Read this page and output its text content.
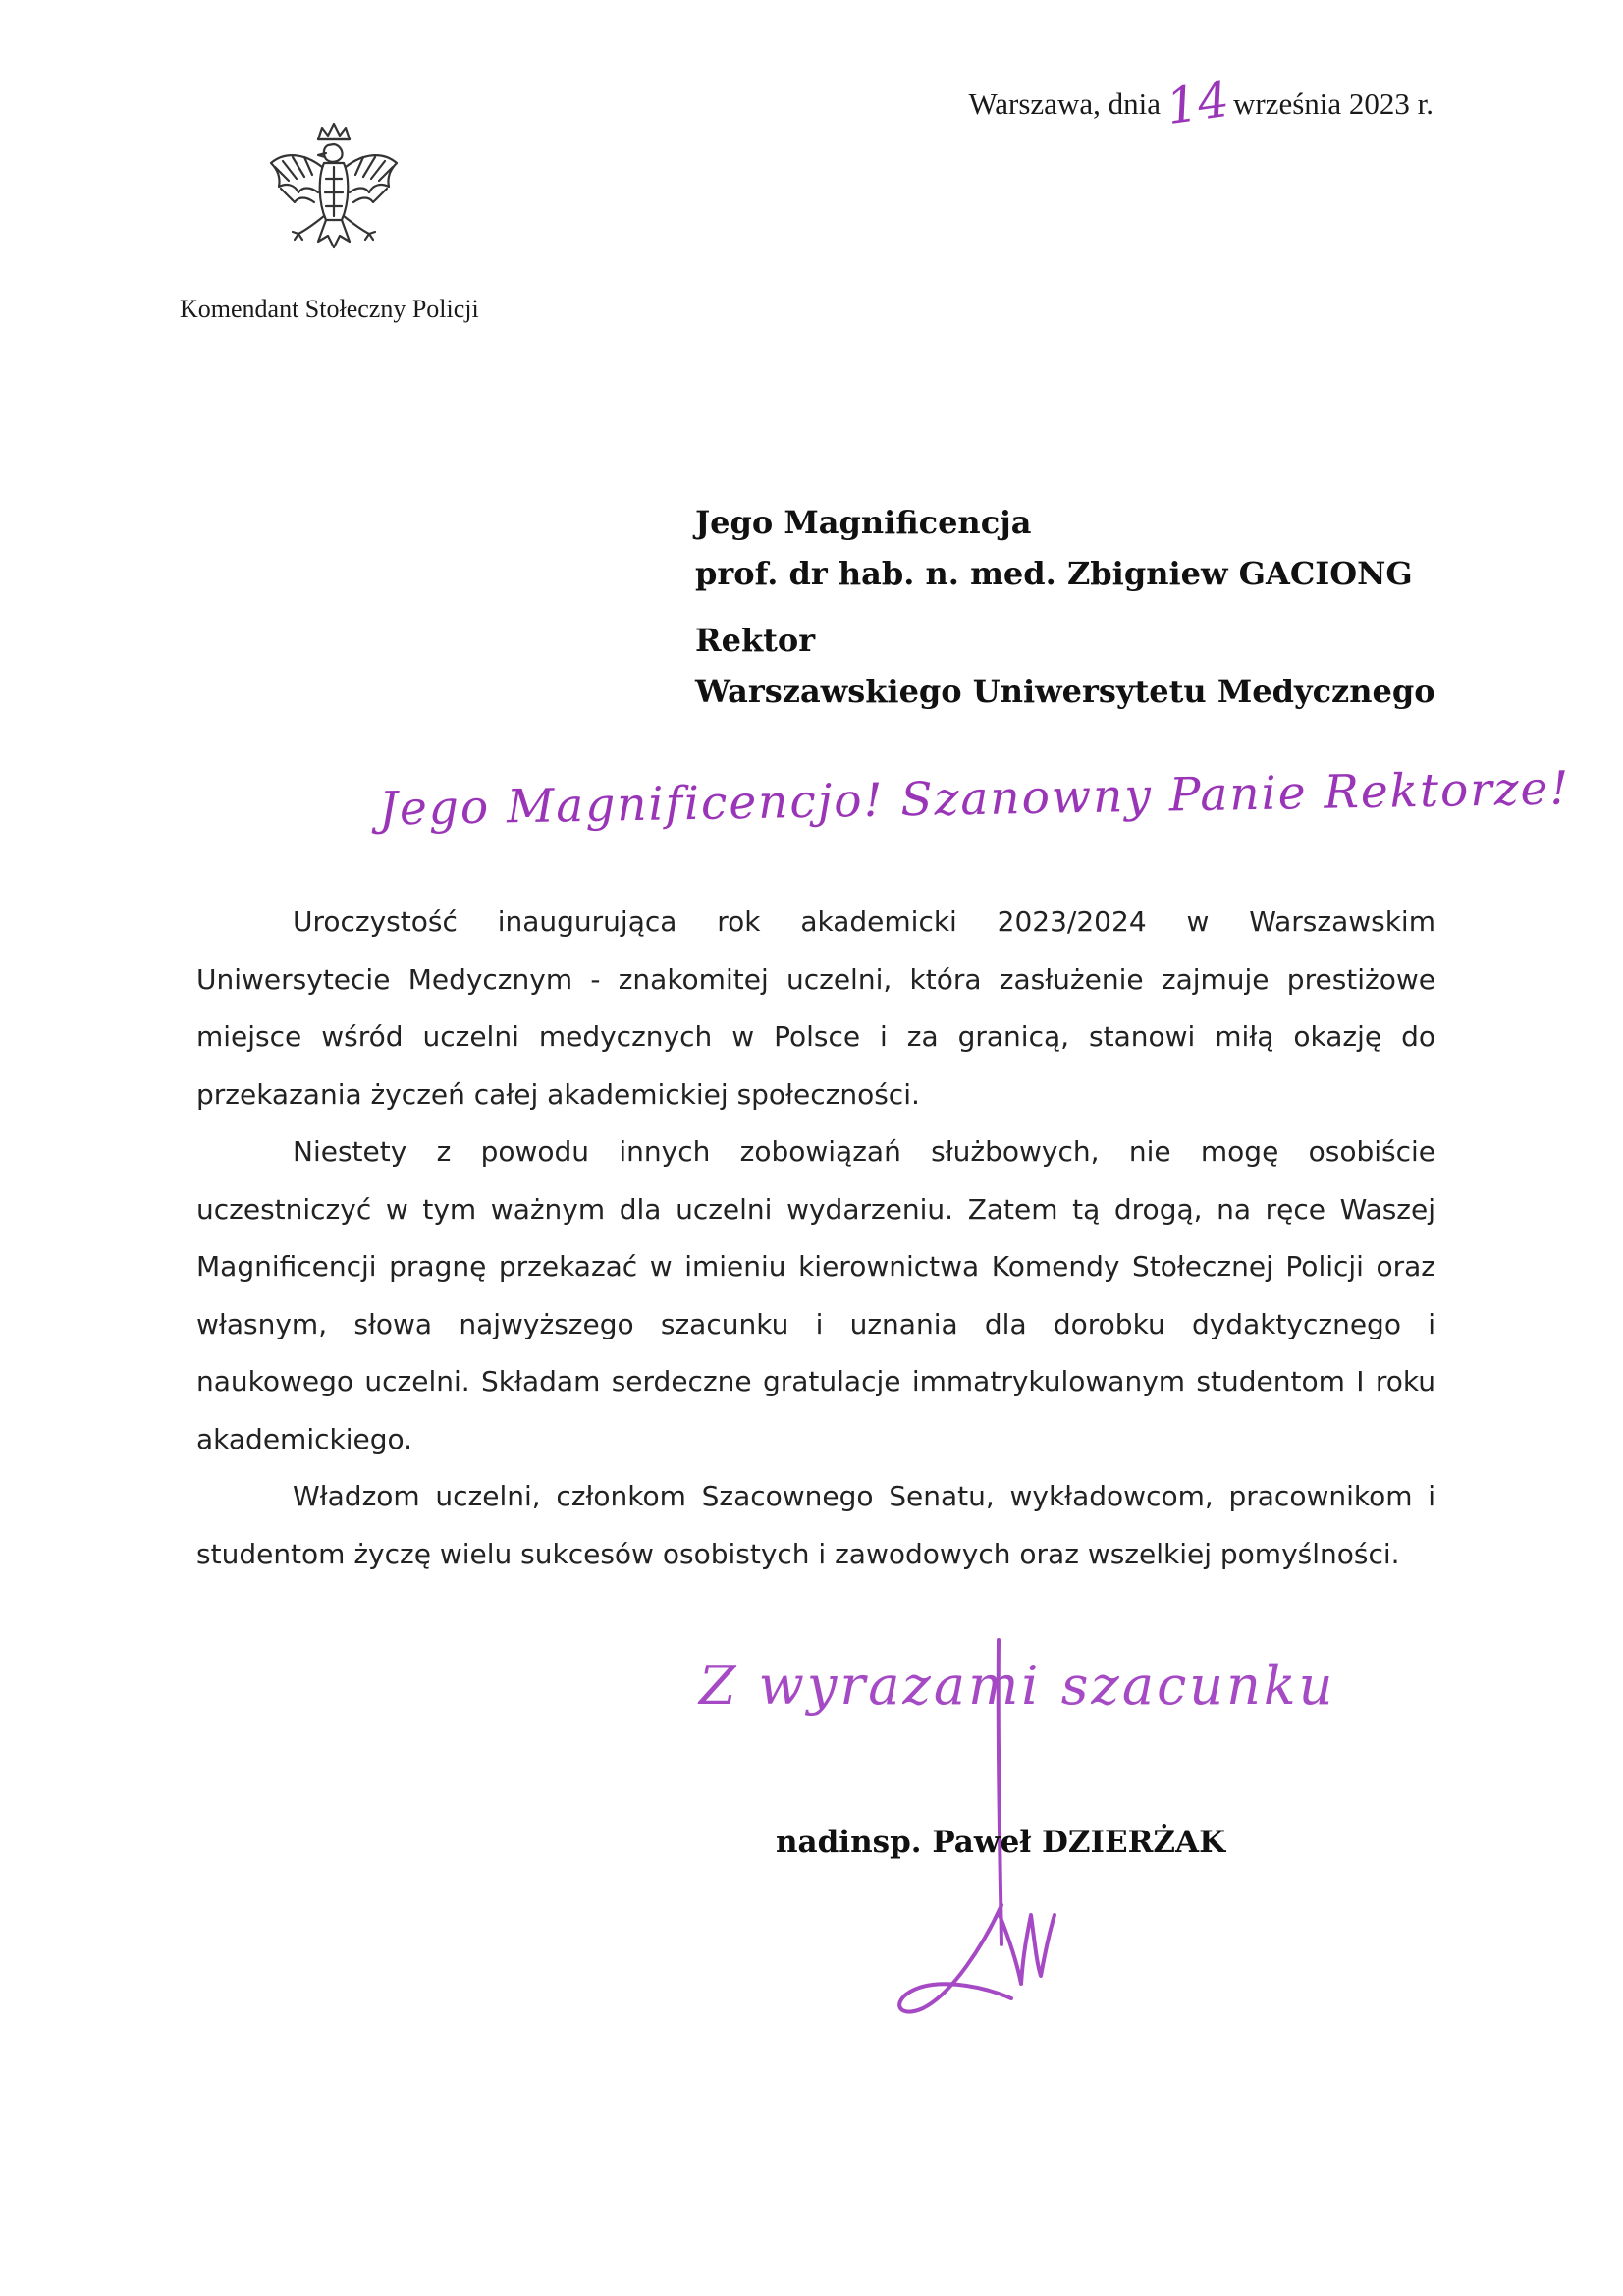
Warszawa, dnia 14 września 2023 r.
Komendant Stołeczny Policji
Jego Magnificencja
prof. dr hab. n. med. Zbigniew GACIONG
Rektor
Warszawskiego Uniwersytetu Medycznego
Jego Magnificencjo! Szanowny Panie Rektorze!

Uroczystość inaugurująca rok akademicki 2023/2024 w Warszawskim Uniwersytecie Medycznym - znakomitej uczelni, która zasłużenie zajmuje prestiżowe miejsce wśród uczelni medycznych w Polsce i za granicą, stanowi miłą okazję do przekazania życzeń całej akademickiej społeczności.

Niestety z powodu innych zobowiązań służbowych, nie mogę osobiście uczestniczyć w tym ważnym dla uczelni wydarzeniu. Zatem tą drogą, na ręce Waszej Magnificencji pragnę przekazać w imieniu kierownictwa Komendy Stołecznej Policji oraz własnym, słowa najwyższego szacunku i uznania dla dorobku dydaktycznego i naukowego uczelni. Składam serdeczne gratulacje immatrykulowanym studentom I roku akademickiego.

Władzom uczelni, członkom Szacownego Senatu, wykładowcom, pracownikom i studentom życzę wielu sukcesów osobistych i zawodowych oraz wszelkiej pomyślności.

Z wyrazami szacunku
nadinsp. Paweł DZIERŻAK
